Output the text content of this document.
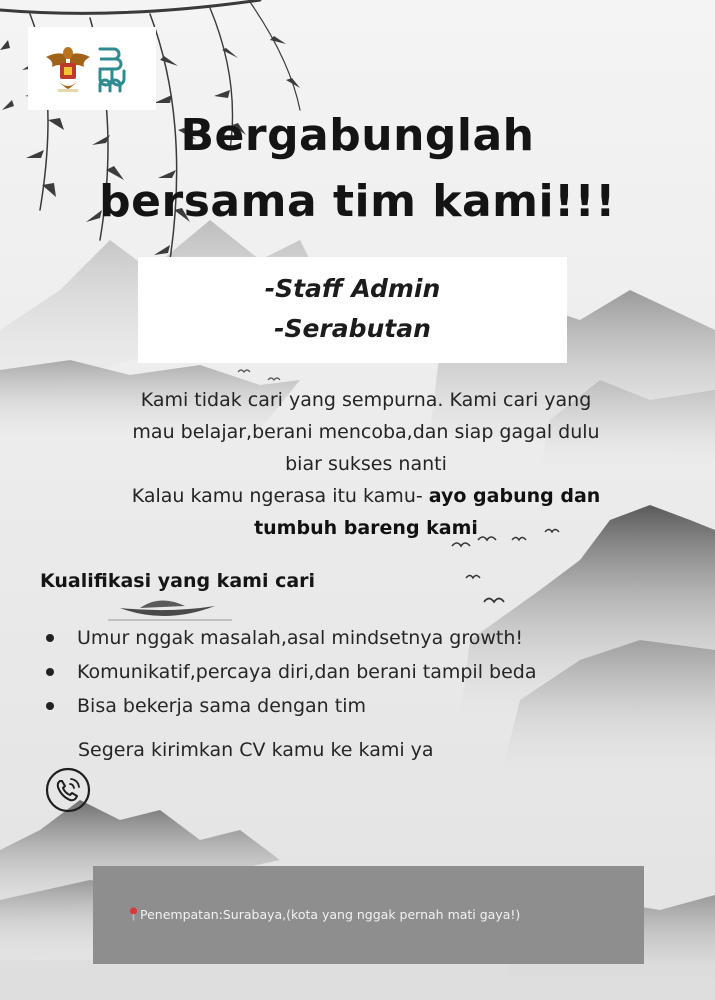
Bergabunglah
bersama tim kami!!!
-Staff Admin
-Serabutan
Kami tidak cari yang sempurna. Kami cari yang
mau belajar,berani mencoba,dan siap gagal dulu
biar sukses nanti
Kalau kamu ngerasa itu kamu- ayo gabung dan
tumbuh bareng kami
Kualifikasi yang kami cari
Umur nggak masalah,asal mindsetnya growth!
Komunikatif,percaya diri,dan berani tampil beda
Bisa bekerja sama dengan tim
Segera kirimkan CV kamu ke kami ya
Penempatan:Surabaya,(kota yang nggak pernah mati gaya!)
